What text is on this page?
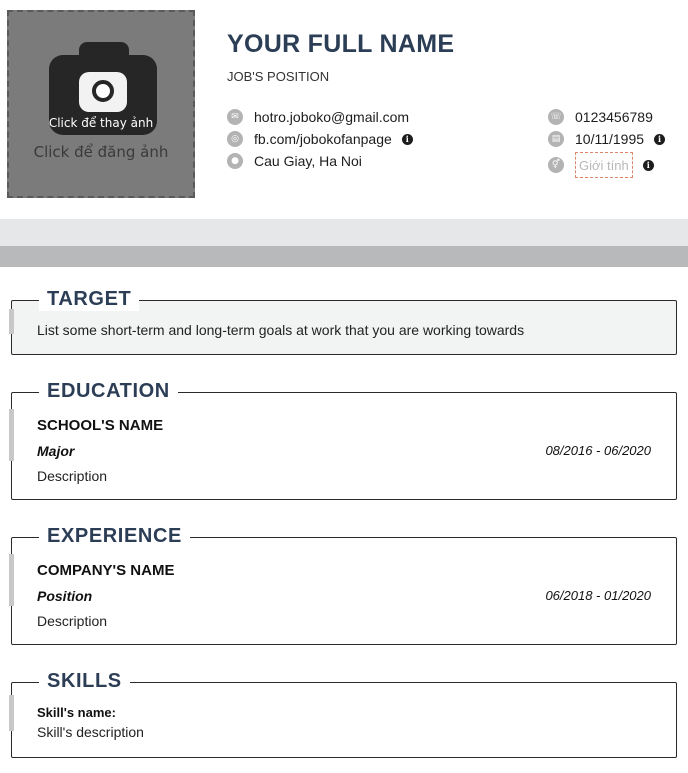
Click để thay ảnh
Click để đăng ảnh
YOUR FULL NAME
JOB'S POSITION
✉	hotro.joboko@gmail.com
◎ fb.com/jobokofanpage	i
● Cau Giay, Ha Noi
☏ 0123456789
▤ 10/11/1995	i
⚥	Giới tính	i
TARGET
List some short-term and long-term goals at work that you are working towards
EDUCATION
SCHOOL'S NAME
Major	08/2016 - 06/2020
Description
EXPERIENCE
COMPANY'S NAME
Position	06/2018 - 01/2020
Description
SKILLS
Skill's name:
Skill's description
